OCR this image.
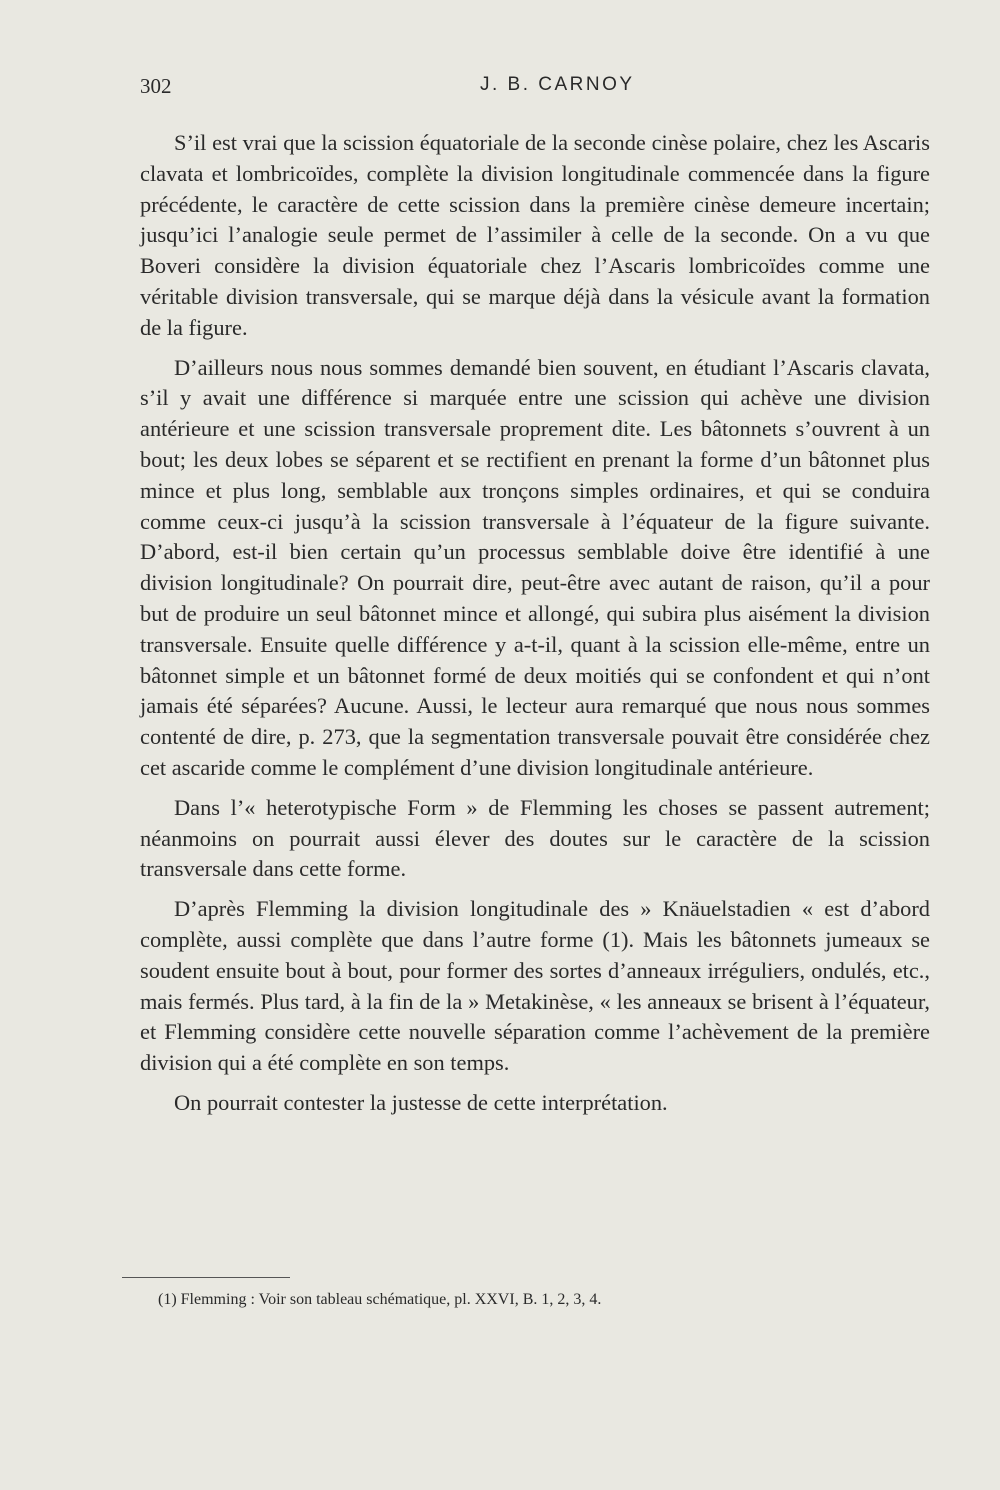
302	J. B. CARNOY

S’il est vrai que la scission équatoriale de la seconde cinèse polaire, chez les Ascaris clavata et lombricoïdes, complète la division longitudinale commencée dans la figure précédente, le caractère de cette scission dans la première cinèse demeure incertain; jusqu’ici l’analogie seule permet de l’assimiler à celle de la seconde. On a vu que Boveri considère la division équatoriale chez l’Ascaris lombricoïdes comme une véritable division transversale, qui se marque déjà dans la vésicule avant la formation de la figure.

D’ailleurs nous nous sommes demandé bien souvent, en étudiant l’Ascaris clavata, s’il y avait une différence si marquée entre une scission qui achève une division antérieure et une scission transversale proprement dite. Les bâtonnets s’ouvrent à un bout; les deux lobes se séparent et se rectifient en prenant la forme d’un bâtonnet plus mince et plus long, semblable aux tronçons simples ordinaires, et qui se conduira comme ceux-ci jusqu’à la scission transversale à l’équateur de la figure suivante. D’abord, est-il bien certain qu’un processus semblable doive être identifié à une division longitudinale? On pourrait dire, peut-être avec autant de raison, qu’il a pour but de produire un seul bâtonnet mince et allongé, qui subira plus aisément la division transversale. Ensuite quelle différence y a-t-il, quant à la scission elle-même, entre un bâtonnet simple et un bâtonnet formé de deux moitiés qui se confondent et qui n’ont jamais été séparées? Aucune. Aussi, le lecteur aura remarqué que nous nous sommes contenté de dire, p. 273, que la segmentation transversale pouvait être considérée chez cet ascaride comme le complément d’une division longitudinale antérieure.

Dans l’« heterotypische Form » de Flemming les choses se passent autrement; néanmoins on pourrait aussi élever des doutes sur le caractère de la scission transversale dans cette forme.

D’après Flemming la division longitudinale des » Knäuelstadien « est d’abord complète, aussi complète que dans l’autre forme (1). Mais les bâtonnets jumeaux se soudent ensuite bout à bout, pour former des sortes d’anneaux irréguliers, ondulés, etc., mais fermés. Plus tard, à la fin de la » Metakinèse, « les anneaux se brisent à l’équateur, et Flemming considère cette nouvelle séparation comme l’achèvement de la première division qui a été complète en son temps.

On pourrait contester la justesse de cette interprétation.

(1) Flemming : Voir son tableau schématique, pl. XXVI, B. 1, 2, 3, 4.
